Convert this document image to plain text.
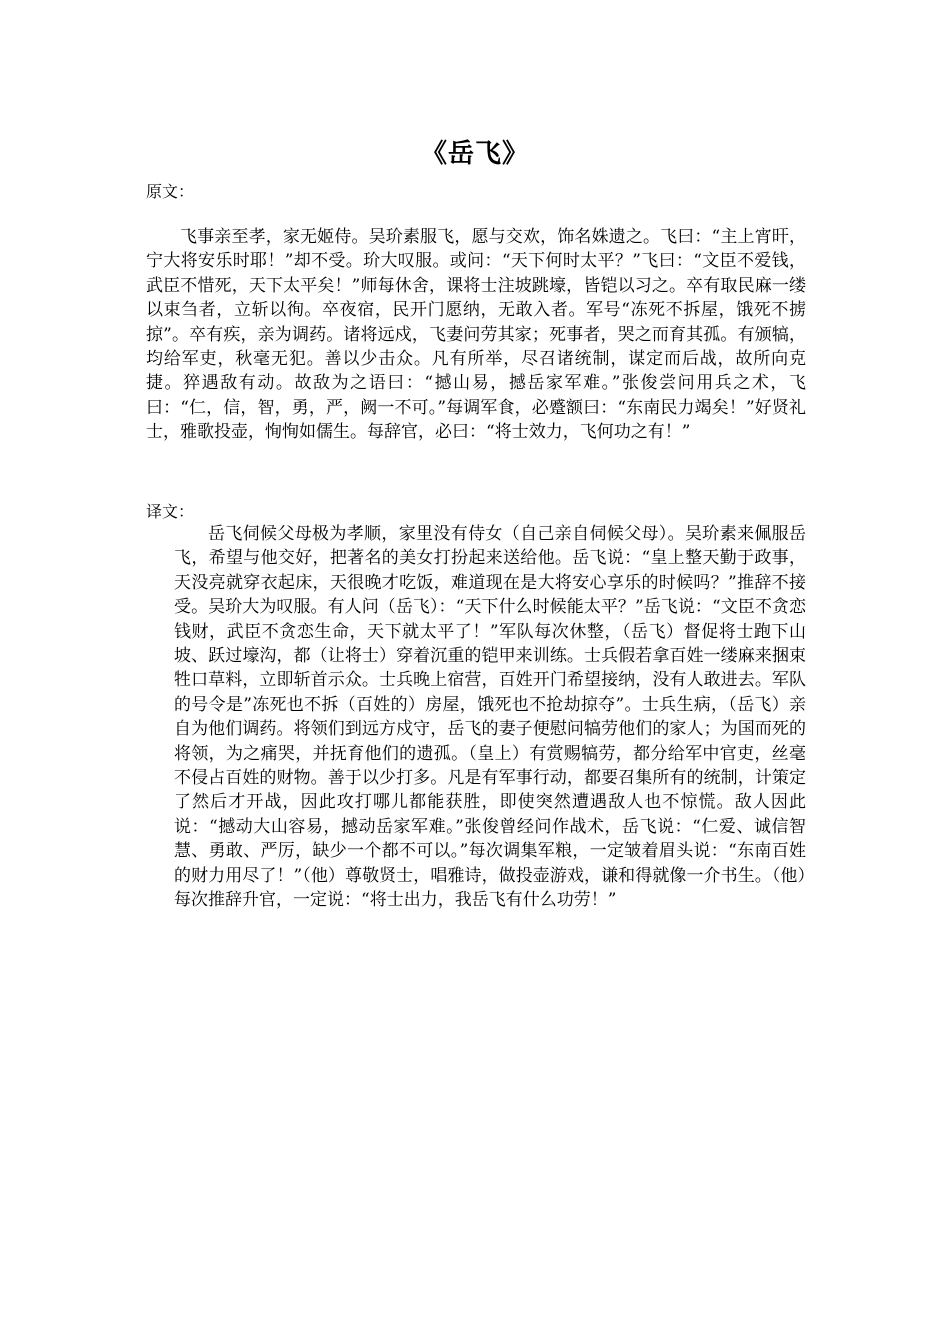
《岳飞》

原文：

飞事亲至孝，家无姬侍。吴玠素服飞，愿与交欢，饰名姝遗之。飞曰：“主上宵旰，宁大将安乐时耶！”却不受。玠大叹服。或问：“天下何时太平？”飞曰：“文臣不爱钱，武臣不惜死，天下太平矣！”师每休舍，课将士注坡跳壕，皆铠以习之。卒有取民麻一缕以束刍者，立斩以徇。卒夜宿，民开门愿纳，无敢入者。军号“冻死不拆屋，饿死不掳掠”。卒有疾，亲为调药。诸将远戍，飞妻问劳其家；死事者，哭之而育其孤。有颁犒，均给军吏，秋毫无犯。善以少击众。凡有所举，尽召诸统制，谋定而后战，故所向克捷。猝遇敌有动。故敌为之语曰：“撼山易，撼岳家军难。”张俊尝问用兵之术，飞曰：“仁，信，智，勇，严，阙一不可。”每调军食，必蹙额曰：“东南民力竭矣！”好贤礼士，雅歌投壶，恂恂如儒生。每辞官，必曰：“将士效力，飞何功之有！”

译文：

岳飞伺候父母极为孝顺，家里没有侍女（自己亲自伺候父母）。吴玠素来佩服岳飞，希望与他交好，把著名的美女打扮起来送给他。岳飞说：“皇上整天勤于政事，天没亮就穿衣起床，天很晚才吃饭，难道现在是大将安心享乐的时候吗？”推辞不接受。吴玠大为叹服。有人问（岳飞）：“天下什么时候能太平？”岳飞说：“文臣不贪恋钱财，武臣不贪恋生命，天下就太平了！”军队每次休整，（岳飞）督促将士跑下山坡、跃过壕沟，都（让将士）穿着沉重的铠甲来训练。士兵假若拿百姓一缕麻来捆束牲口草料，立即斩首示众。士兵晚上宿营，百姓开门希望接纳，没有人敢进去。军队的号令是”冻死也不拆（百姓的）房屋，饿死也不抢劫掠夺”。士兵生病，（岳飞）亲自为他们调药。将领们到远方戍守，岳飞的妻子便慰问犒劳他们的家人；为国而死的将领，为之痛哭，并抚育他们的遗孤。（皇上）有赏赐犒劳，都分给军中官吏，丝毫不侵占百姓的财物。善于以少打多。凡是有军事行动，都要召集所有的统制，计策定了然后才开战，因此攻打哪儿都能获胜，即使突然遭遇敌人也不惊慌。敌人因此说：“撼动大山容易，撼动岳家军难。”张俊曾经问作战术，岳飞说：“仁爱、诚信智慧、勇敢、严厉，缺少一个都不可以。”每次调集军粮，一定皱着眉头说：“东南百姓的财力用尽了！”（他）尊敬贤士，唱雅诗，做投壶游戏，谦和得就像一介书生。（他）每次推辞升官，一定说：“将士出力，我岳飞有什么功劳！”
